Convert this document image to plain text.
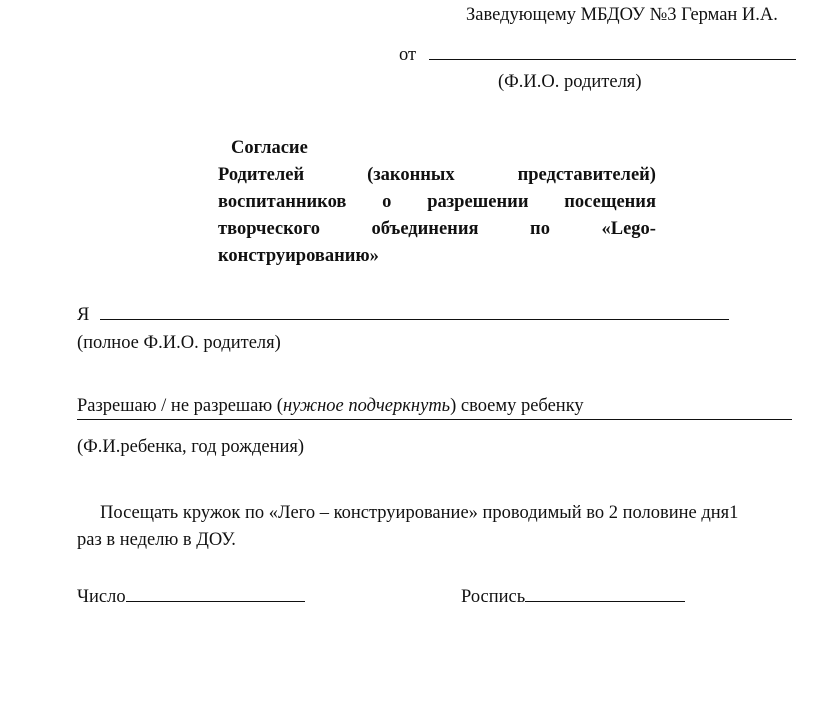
Заведующему МБДОУ №3 Герман И.А.
от
(Ф.И.О. родителя)
Согласие
Родителей	(законных	представителей)
воспитанников о разрешении посещения
творческого	объединения	по	«Lego-
конструированию»
Я
(полное Ф.И.О. родителя)
Разрешаю / не разрешаю (нужное подчеркнуть) своему ребенку
(Ф.И.ребенка, год рождения)
Посещать кружок по «Лего – конструирование» проводимый во 2 половине дня1
раз в неделю в ДОУ.
Число	Роспись
